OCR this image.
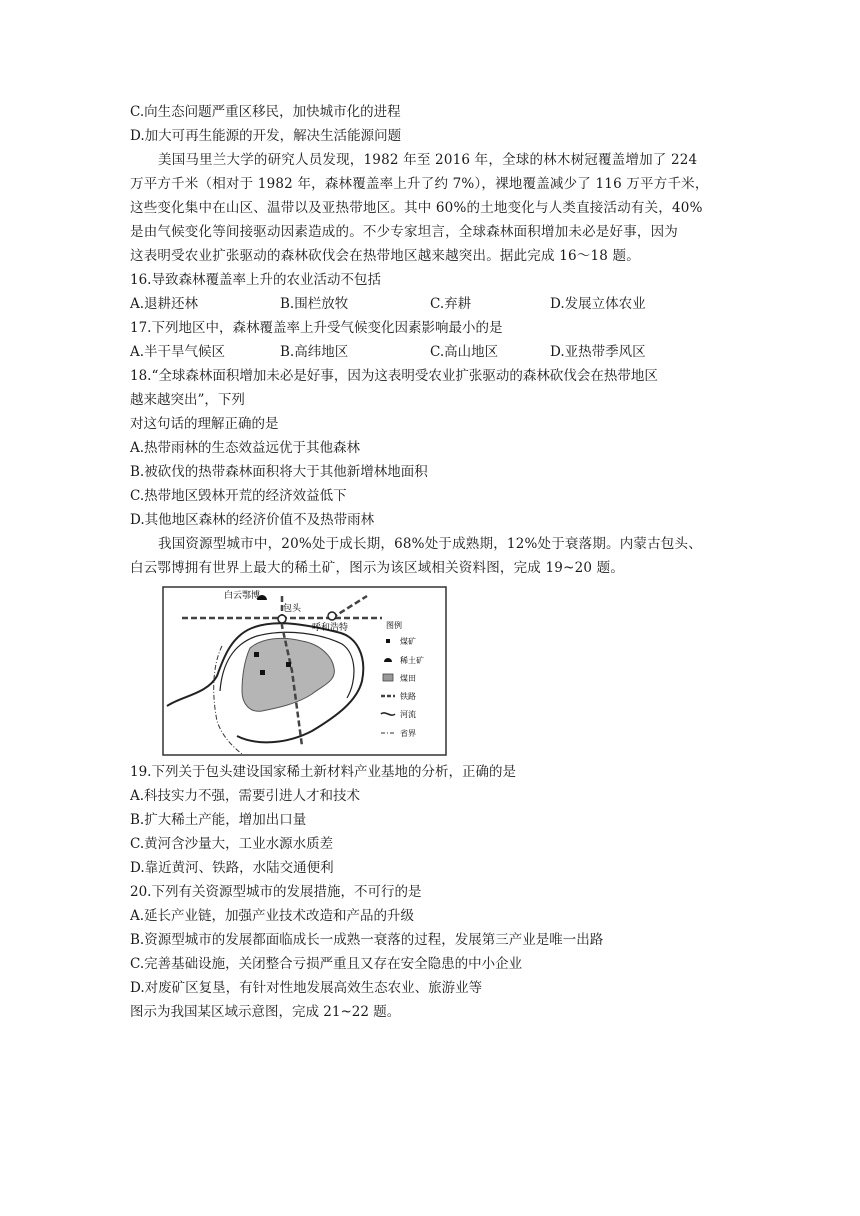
C.向生态问题严重区移民，加快城市化的进程
D.加大可再生能源的开发，解决生活能源问题
美国马里兰大学的研究人员发现，1982 年至 2016 年，全球的林木树冠覆盖增加了 224
万平方千米（相对于 1982 年，森林覆盖率上升了约 7%），裸地覆盖减少了 116 万平方千米，
这些变化集中在山区、温带以及亚热带地区。其中 60%的土地变化与人类直接活动有关，40%
是由气候变化等间接驱动因素造成的。不少专家坦言，全球森林面积增加未必是好事，因为
这表明受农业扩张驱动的森林砍伐会在热带地区越来越突出。据此完成 16～18 题。
16.导致森林覆盖率上升的农业活动不包括
A.退耕还林	B.围栏放牧	C.弃耕	D.发展立体农业
17.下列地区中，森林覆盖率上升受气候变化因素影响最小的是
A.半干旱气候区	B.高纬地区	C.高山地区	D.亚热带季风区
18.“全球森林面积增加未必是好事，因为这表明受农业扩张驱动的森林砍伐会在热带地区
越来越突出”，下列
对这句话的理解正确的是
A.热带雨林的生态效益远优于其他森林
B.被砍伐的热带森林面积将大于其他新增林地面积
C.热带地区毁林开荒的经济效益低下
D.其他地区森林的经济价值不及热带雨林
我国资源型城市中，20%处于成长期，68%处于成熟期，12%处于衰落期。内蒙古包头、
白云鄂博拥有世界上最大的稀土矿，图示为该区域相关资料图，完成 19~20 题。
白云鄂博
包头
呼和浩特	图例
煤矿
稀土矿
煤田
铁路
河流
省界
19.下列关于包头建设国家稀土新材料产业基地的分析，正确的是
A.科技实力不强，需要引进人才和技术
B.扩大稀土产能，增加出口量
C.黄河含沙量大，工业水源水质差
D.靠近黄河、铁路，水陆交通便利
20.下列有关资源型城市的发展措施，不可行的是
A.延长产业链，加强产业技术改造和产品的升级
B.资源型城市的发展都面临成长一成熟一衰落的过程，发展第三产业是唯一出路
C.完善基础设施，关闭整合亏损严重且又存在安全隐患的中小企业
D.对废矿区复垦，有针对性地发展高效生态农业、旅游业等
图示为我国某区域示意图，完成 21~22 题。
